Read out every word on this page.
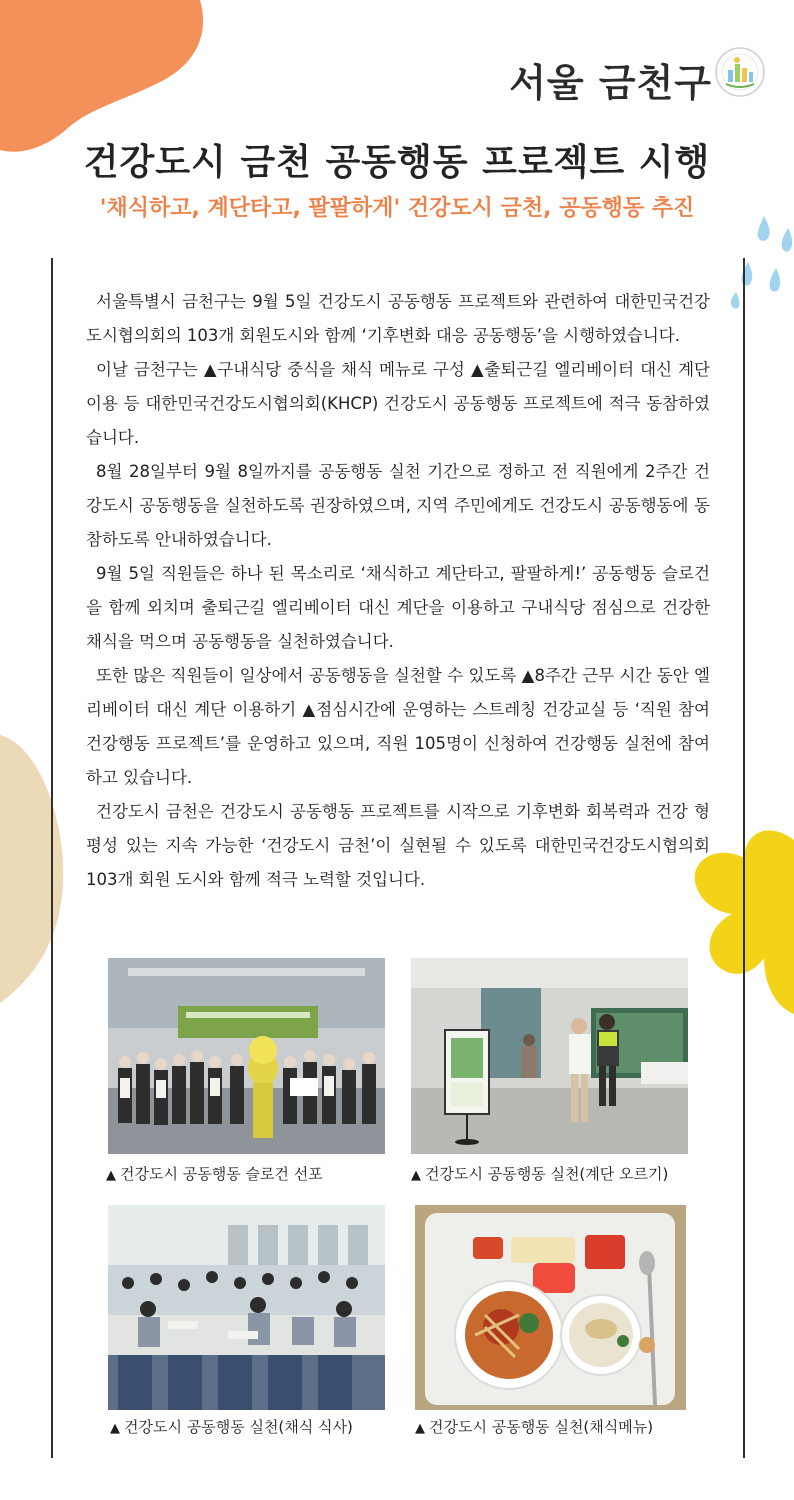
서울 금천구
건강도시 금천 공동행동 프로젝트 시행
'채식하고, 계단타고, 팔팔하게' 건강도시 금천, 공동행동 추진

서울특별시 금천구는 9월 5일 건강도시 공동행동 프로젝트와 관련하여 대한민국건강도시협의회의 103개 회원도시와 함께 ‘기후변화 대응 공동행동’을 시행하였습니다.

이날 금천구는 ▲구내식당 중식을 채식 메뉴로 구성 ▲출퇴근길 엘리베이터 대신 계단 이용 등 대한민국건강도시협의회(KHCP) 건강도시 공동행동 프로젝트에 적극 동참하였습니다.

8월 28일부터 9월 8일까지를 공동행동 실천 기간으로 정하고 전 직원에게 2주간 건강도시 공동행동을 실천하도록 권장하였으며, 지역 주민에게도 건강도시 공동행동에 동참하도록 안내하였습니다.

9월 5일 직원들은 하나 된 목소리로 ‘채식하고 계단타고, 팔팔하게!’ 공동행동 슬로건을 함께 외치며 출퇴근길 엘리베이터 대신 계단을 이용하고 구내식당 점심으로 건강한 채식을 먹으며 공동행동을 실천하였습니다.

또한 많은 직원들이 일상에서 공동행동을 실천할 수 있도록 ▲8주간 근무 시간 동안 엘리베이터 대신 계단 이용하기 ▲점심시간에 운영하는 스트레칭 건강교실 등 ‘직원 참여 건강행동 프로젝트’를 운영하고 있으며, 직원 105명이 신청하여 건강행동 실천에 참여하고 있습니다.

건강도시 금천은 건강도시 공동행동 프로젝트를 시작으로 기후변화 회복력과 건강 형평성 있는 지속 가능한 ‘건강도시 금천’이 실현될 수 있도록 대한민국건강도시협의회 103개 회원 도시와 함께 적극 노력할 것입니다.

▲ 건강도시 공동행동 슬로건 선포	▲ 건강도시 공동행동 실천(계단 오르기)
▲ 건강도시 공동행동 실천(채식 식사)	▲ 건강도시 공동행동 실천(채식메뉴)
